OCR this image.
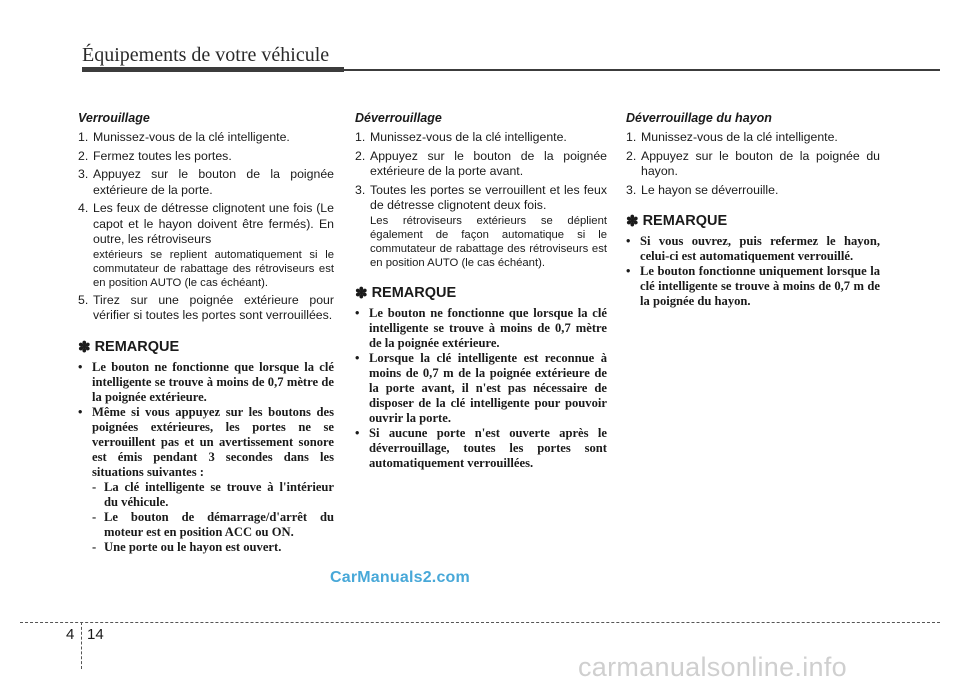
Équipements de votre véhicule
Verrouillage
1. Munissez-vous de la clé intelligente.
2. Fermez toutes les portes.
3. Appuyez sur le bouton de la poignée extérieure de la porte.
4. Les feux de détresse clignotent une fois (Le capot et le hayon doivent être fermés). En outre, les rétroviseurs
extérieurs se replient automatiquement si le commutateur de rabattage des rétroviseurs est en position AUTO (le cas échéant).
5. Tirez sur une poignée extérieure pour vérifier si toutes les portes sont verrouillées.
✽ REMARQUE
• Le bouton ne fonctionne que lorsque la clé intelligente se trouve à moins de 0,7 mètre de la poignée extérieure.
• Même si vous appuyez sur les boutons des poignées extérieures, les portes ne se verrouillent pas et un avertissement sonore est émis pendant 3 secondes dans les situations suivantes :
- La clé intelligente se trouve à l'intérieur du véhicule.
- Le bouton de démarrage/d'arrêt du moteur est en position ACC ou ON.
- Une porte ou le hayon est ouvert.
Déverrouillage
1. Munissez-vous de la clé intelligente.
2. Appuyez sur le bouton de la poignée extérieure de la porte avant.
3. Toutes les portes se verrouillent et les feux de détresse clignotent deux fois.
Les rétroviseurs extérieurs se déplient également de façon automatique si le commutateur de rabattage des rétroviseurs est en position AUTO (le cas échéant).
✽ REMARQUE
• Le bouton ne fonctionne que lorsque la clé intelligente se trouve à moins de 0,7 mètre de la poignée extérieure.
• Lorsque la clé intelligente est reconnue à moins de 0,7 m de la poignée extérieure de la porte avant, il n'est pas nécessaire de disposer de la clé intelligente pour pouvoir ouvrir la porte.
• Si aucune porte n'est ouverte après le déverrouillage, toutes les portes sont automatiquement verrouillées.
Déverrouillage du hayon
1. Munissez-vous de la clé intelligente.
2. Appuyez sur le bouton de la poignée du hayon.
3. Le hayon se déverrouille.
✽ REMARQUE
• Si vous ouvrez, puis refermez le hayon, celui-ci est automatiquement verrouillé.
• Le bouton fonctionne uniquement lorsque la clé intelligente se trouve à moins de 0,7 m de la poignée du hayon.
CarManuals2.com
4 14
carmanualsonline.info
